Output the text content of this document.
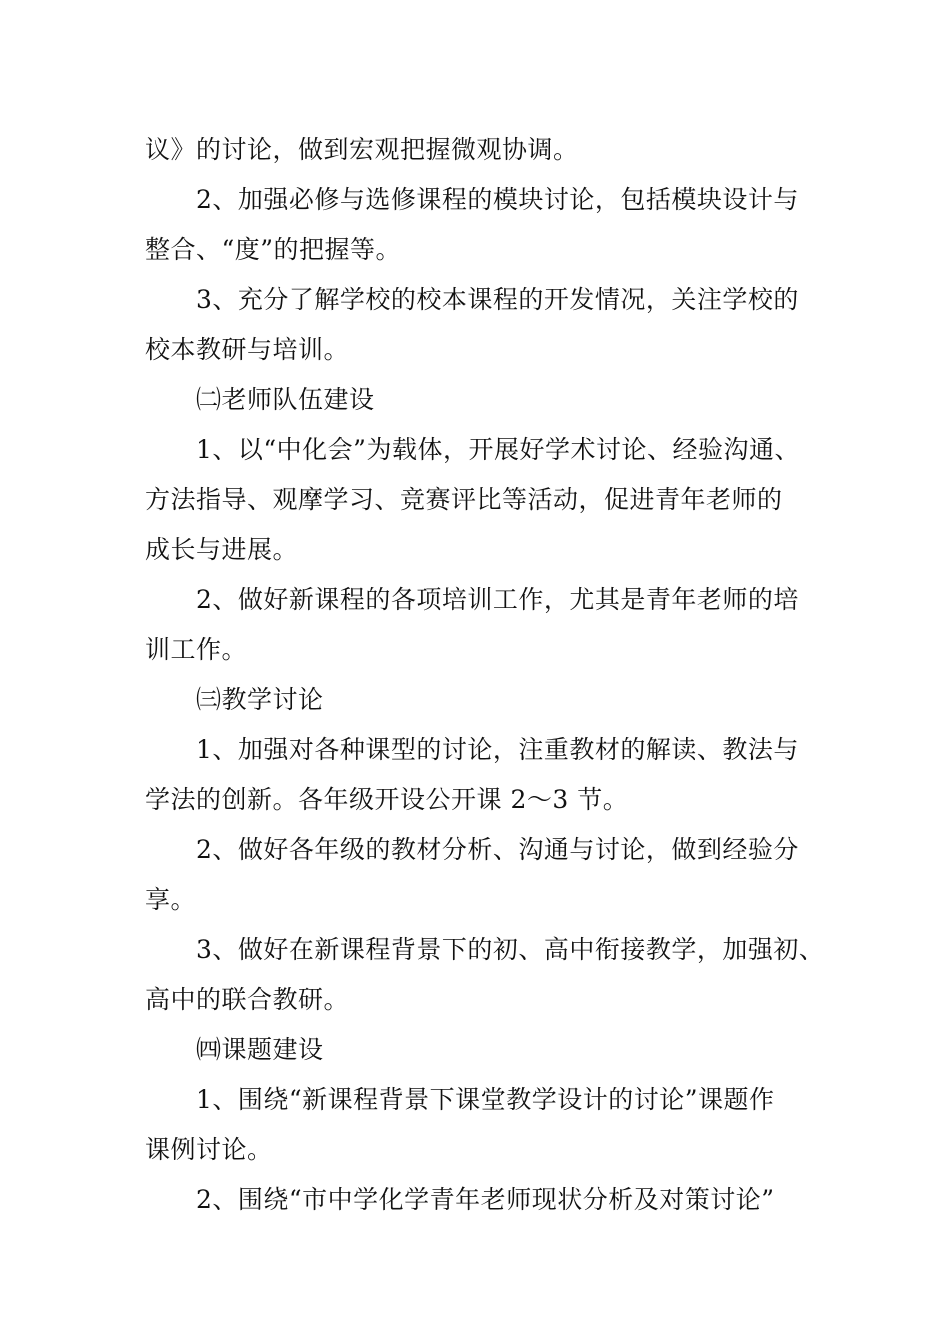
议》的讨论，做到宏观把握微观协调。
2、加强必修与选修课程的模块讨论，包括模块设计与
整合、“度”的把握等。
3、充分了解学校的校本课程的开发情况，关注学校的
校本教研与培训。
㈡老师队伍建设
1、以“中化会”为载体，开展好学术讨论、经验沟通、
方法指导、观摩学习、竞赛评比等活动，促进青年老师的
成长与进展。
2、做好新课程的各项培训工作，尤其是青年老师的培
训工作。
㈢教学讨论
1、加强对各种课型的讨论，注重教材的解读、教法与
学法的创新。各年级开设公开课 2～3 节。
2、做好各年级的教材分析、沟通与讨论，做到经验分
享。
3、做好在新课程背景下的初、高中衔接教学，加强初、
高中的联合教研。
㈣课题建设
1、围绕“新课程背景下课堂教学设计的讨论”课题作
课例讨论。
2、围绕“市中学化学青年老师现状分析及对策讨论”
